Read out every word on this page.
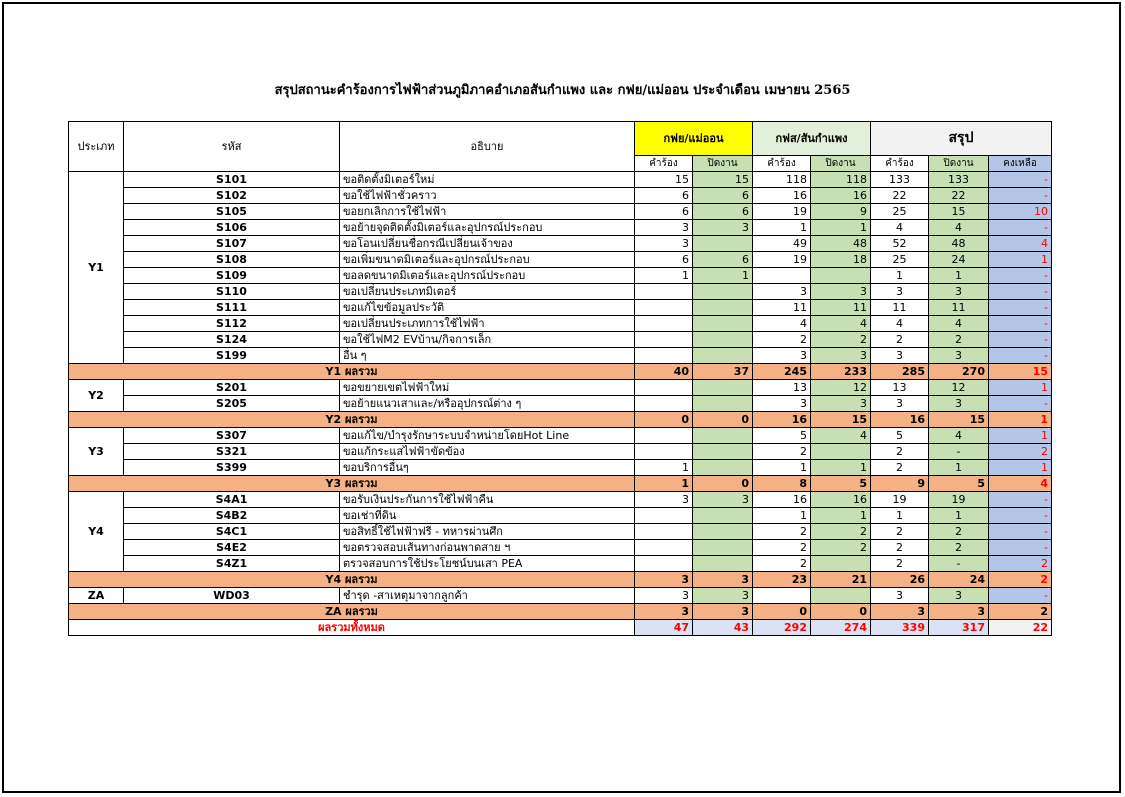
สรุปสถานะคำร้องการไฟฟ้าส่วนภูมิภาคอำเภอสันกำแพง และ กฟย/แม่ออน ประจำเดือน เมษายน 2565
ประเภท	รหัส	อธิบาย	กฟย/แม่ออน		กฟส/สันกำแพง		สรุป		
			คำร้อง	ปิดงาน	คำร้อง	ปิดงาน	คำร้อง	ปิดงาน	คงเหลือ
Y1	S101	ขอติดตั้งมิเตอร์ใหม่	15	15	118	118	133	133	-
	S102	ขอใช้ไฟฟ้าชั่วคราว	6	6	16	16	22	22	-
	S105	ขอยกเลิกการใช้ไฟฟ้า	6	6	19	9	25	15	10
	S106	ขอย้ายจุดติดตั้งมิเตอร์และอุปกรณ์ประกอบ	3	3	1	1	4	4	-
	S107	ขอโอนเปลี่ยนชื่อกรณีเปลี่ยนเจ้าของ	3		49	48	52	48	4
	S108	ขอเพิ่มขนาดมิเตอร์และอุปกรณ์ประกอบ	6	6	19	18	25	24	1
	S109	ขอลดขนาดมิเตอร์และอุปกรณ์ประกอบ	1	1			1	1	-
	S110	ขอเปลี่ยนประเภทมิเตอร์			3	3	3	3	-
	S111	ขอแก้ไขข้อมูลประวัติ			11	11	11	11	-
	S112	ขอเปลี่ยนประเภทการใช้ไฟฟ้า			4	4	4	4	-
	S124	ขอใช้ไฟM2 EVบ้าน/กิจการเล็ก			2	2	2	2	-
	S199	อื่น ๆ			3	3	3	3	-
Y1 ผลรวม			40	37	245	233	285	270	15
Y2	S201	ขอขยายเขตไฟฟ้าใหม่			13	12	13	12	1
	S205	ขอย้ายแนวเสาและ/หรืออุปกรณ์ต่าง ๆ			3	3	3	3	-
Y2 ผลรวม			0	0	16	15	16	15	1
Y3	S307	ขอแก้ไข/บำรุงรักษาระบบจำหน่ายโดยHot Line			5	4	5	4	1
	S321	ขอแก้กระแสไฟฟ้าขัดข้อง			2		2	-	2
	S399	ขอบริการอื่นๆ	1		1	1	2	1	1
Y3 ผลรวม			1	0	8	5	9	5	4
Y4	S4A1	ขอรับเงินประกันการใช้ไฟฟ้าคืน	3	3	16	16	19	19	-
	S4B2	ขอเช่าที่ดิน			1	1	1	1	-
	S4C1	ขอสิทธิ์ใช้ไฟฟ้าฟรี - ทหารผ่านศึก			2	2	2	2	-
	S4E2	ขอตรวจสอบเส้นทางก่อนพาดสาย ฯ			2	2	2	2	-
	S4Z1	ตรวจสอบการใช้ประโยชน์บนเสา PEA			2		2	-	2
Y4 ผลรวม			3	3	23	21	26	24	2
ZA	WD03	ชำรุด -สาเหตุมาจากลูกค้า	3	3			3	3	-
ZA ผลรวม			3	3	0	0	3	3	2
ผลรวมทั้งหมด			47	43	292	274	339	317	22
